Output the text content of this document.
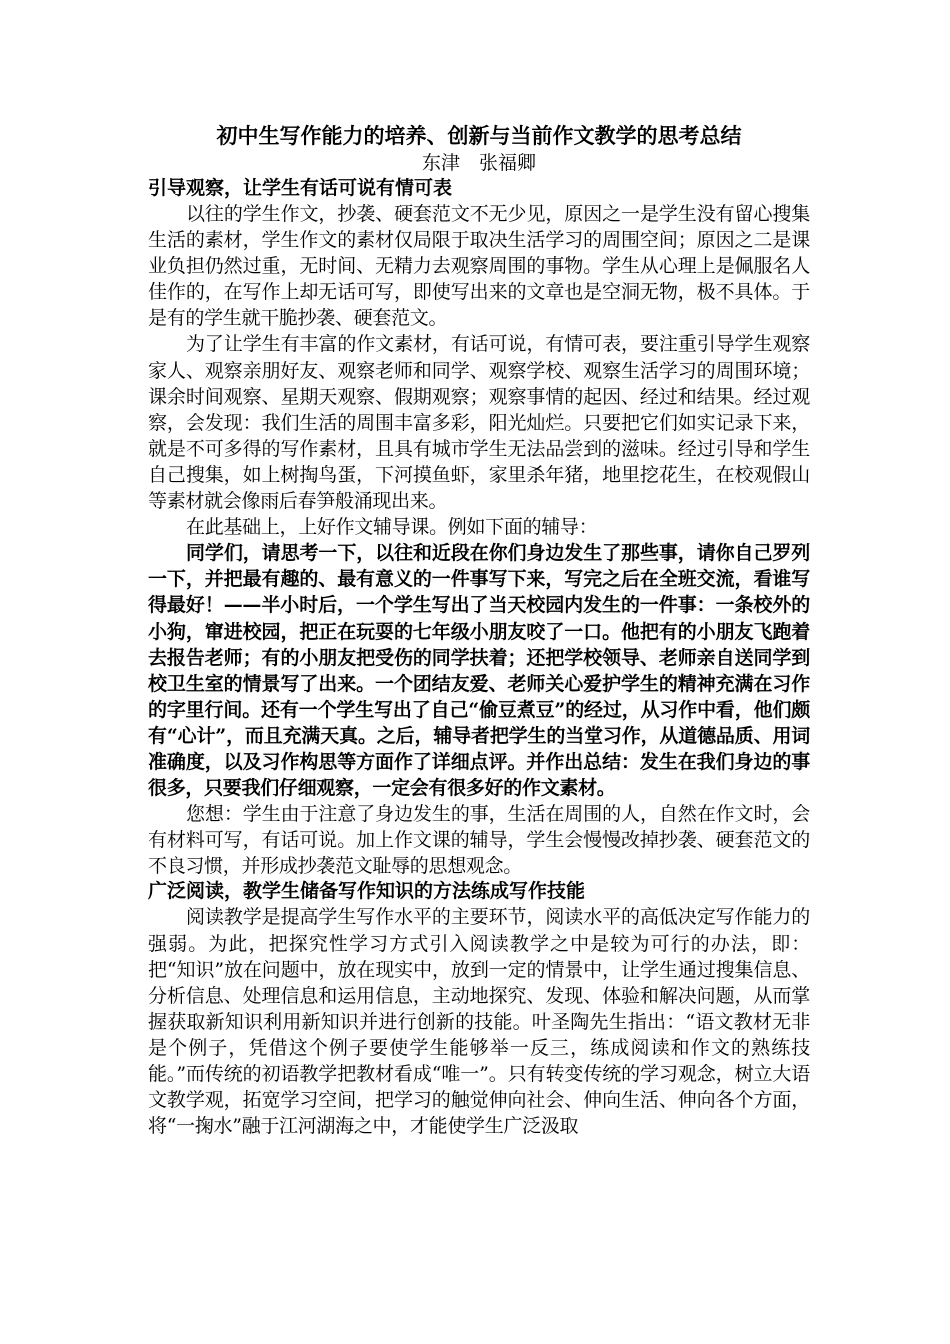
初中生写作能力的培养、创新与当前作文教学的思考总结

东津　张福卿

引导观察，让学生有话可说有情可表

以往的学生作文，抄袭、硬套范文不无少见，原因之一是学生没有留心搜集生活的素材，学生作文的素材仅局限于取决生活学习的周围空间；原因之二是课业负担仍然过重，无时间、无精力去观察周围的事物。学生从心理上是佩服名人佳作的，在写作上却无话可写，即使写出来的文章也是空洞无物，极不具体。于是有的学生就干脆抄袭、硬套范文。

为了让学生有丰富的作文素材，有话可说，有情可表，要注重引导学生观察家人、观察亲朋好友、观察老师和同学、观察学校、观察生活学习的周围环境；课余时间观察、星期天观察、假期观察；观察事情的起因、经过和结果。经过观察，会发现：我们生活的周围丰富多彩，阳光灿烂。只要把它们如实记录下来，就是不可多得的写作素材，且具有城市学生无法品尝到的滋味。经过引导和学生自己搜集，如上树掏鸟蛋，下河摸鱼虾，家里杀年猪，地里挖花生，在校观假山等素材就会像雨后春笋般涌现出来。

在此基础上，上好作文辅导课。例如下面的辅导：

同学们，请思考一下，以往和近段在你们身边发生了那些事，请你自己罗列一下，并把最有趣的、最有意义的一件事写下来，写完之后在全班交流，看谁写得最好！——半小时后，一个学生写出了当天校园内发生的一件事：一条校外的小狗，窜进校园，把正在玩耍的七年级小朋友咬了一口。他把有的小朋友飞跑着去报告老师；有的小朋友把受伤的同学扶着；还把学校领导、老师亲自送同学到校卫生室的情景写了出来。一个团结友爱、老师关心爱护学生的精神充满在习作的字里行间。还有一个学生写出了自己“偷豆煮豆”的经过，从习作中看，他们颇有“心计”，而且充满天真。之后，辅导者把学生的当堂习作，从道德品质、用词准确度，以及习作构思等方面作了详细点评。并作出总结：发生在我们身边的事很多，只要我们仔细观察，一定会有很多好的作文素材。

您想：学生由于注意了身边发生的事，生活在周围的人，自然在作文时，会有材料可写，有话可说。加上作文课的辅导，学生会慢慢改掉抄袭、硬套范文的不良习惯，并形成抄袭范文耻辱的思想观念。

广泛阅读，教学生储备写作知识的方法练成写作技能

阅读教学是提高学生写作水平的主要环节，阅读水平的高低决定写作能力的强弱。为此，把探究性学习方式引入阅读教学之中是较为可行的办法，即：把“知识”放在问题中，放在现实中，放到一定的情景中，让学生通过搜集信息、分析信息、处理信息和运用信息，主动地探究、发现、体验和解决问题，从而掌握获取新知识利用新知识并进行创新的技能。叶圣陶先生指出：“语文教材无非是个例子，凭借这个例子要使学生能够举一反三，练成阅读和作文的熟练技能。”而传统的初语教学把教材看成“唯一”。只有转变传统的学习观念，树立大语文教学观，拓宽学习空间，把学习的触觉伸向社会、伸向生活、伸向各个方面，将“一掬水”融于江河湖海之中，才能使学生广泛汲取
